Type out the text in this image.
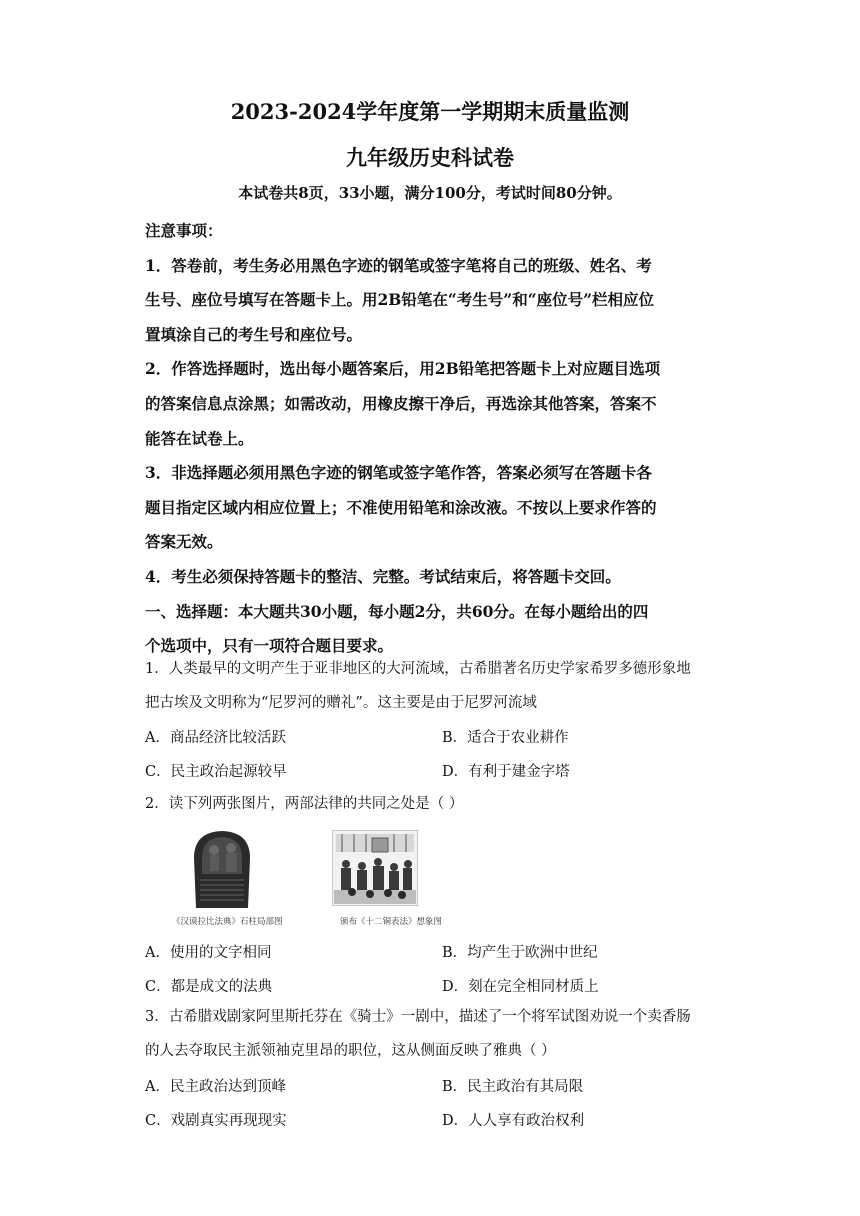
2023-2024学年度第一学期期末质量监测
九年级历史科试卷
本试卷共8页，33小题，满分100分，考试时间80分钟。

注意事项：

1．答卷前，考生务必用黑色字迹的钢笔或签字笔将自己的班级、姓名、考

生号、座位号填写在答题卡上。用2B铅笔在“考生号”和“座位号”栏相应位

置填涂自己的考生号和座位号。

2．作答选择题时，选出每小题答案后，用2B铅笔把答题卡上对应题目选项

的答案信息点涂黑；如需改动，用橡皮擦干净后，再选涂其他答案，答案不

能答在试卷上。

3．非选择题必须用黑色字迹的钢笔或签字笔作答，答案必须写在答题卡各

题目指定区域内相应位置上；不准使用铅笔和涂改液。不按以上要求作答的

答案无效。

4．考生必须保持答题卡的整洁、完整。考试结束后，将答题卡交回。

一、选择题：本大题共30小题，每小题2分，共60分。在每小题给出的四

个选项中，只有一项符合题目要求。

1．人类最早的文明产生于亚非地区的大河流域，古希腊著名历史学家希罗多德形象地

把古埃及文明称为“尼罗河的赠礼”。这主要是由于尼罗河流域

A．商品经济比较活跃	B．适合于农业耕作
C．民主政治起源较早	D．有利于建金字塔

2．读下列两张图片，两部法律的共同之处是（ ）

《汉谟拉比法典》石柱局部图	颁布《十二铜表法》想象图
A．使用的文字相同	B．均产生于欧洲中世纪
C．都是成文的法典	D．刻在完全相同材质上

3．古希腊戏剧家阿里斯托芬在《骑士》一剧中，描述了一个将军试图劝说一个卖香肠

的人去夺取民主派领袖克里昂的职位，这从侧面反映了雅典（ ）

A．民主政治达到顶峰	B．民主政治有其局限
C．戏剧真实再现现实	D．人人享有政治权利
